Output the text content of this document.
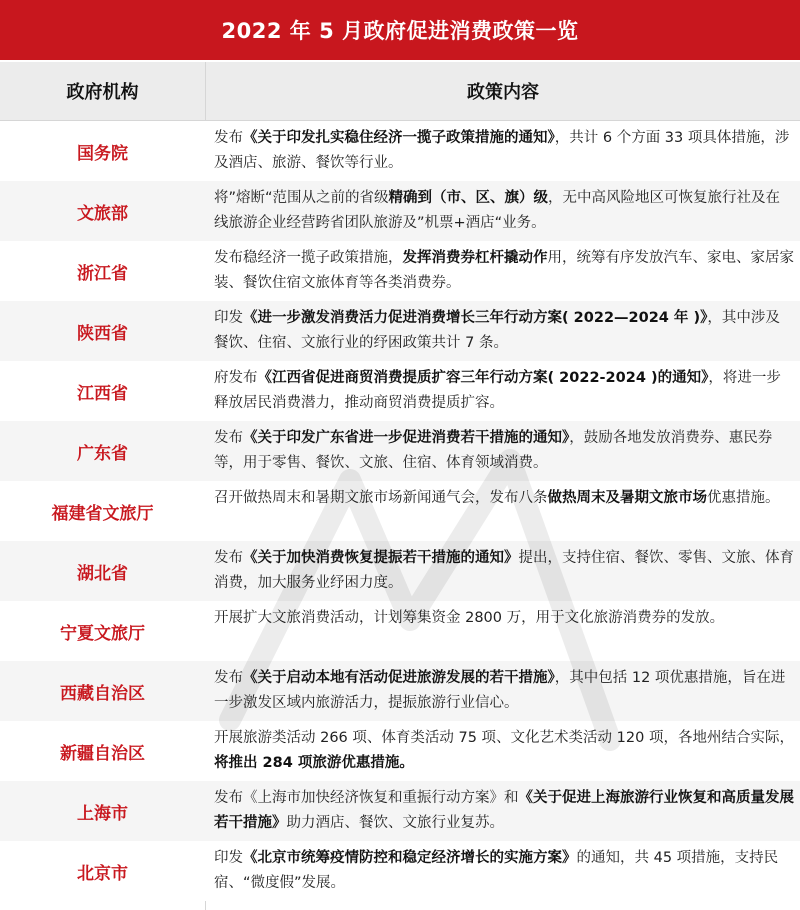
2022 年 5 月政府促进消费政策一览
政府机构	政策内容
国务院
发布《关于印发扎实稳住经济一揽子政策措施的通知》，共计 6 个方面 33 项具体措施，涉及酒店、旅游、餐饮等行业。
文旅部
将”熔断“范围从之前的省级精确到（市、区、旗）级，无中高风险地区可恢复旅行社及在线旅游企业经营跨省团队旅游及”机票+酒店“业务。
浙江省
发布稳经济一揽子政策措施，发挥消费券杠杆撬动作用，统筹有序发放汽车、家电、家居家装、餐饮住宿文旅体育等各类消费券。
陕西省
印发《进一步激发消费活力促进消费增长三年行动方案( 2022—2024 年 )》，其中涉及餐饮、住宿、文旅行业的纾困政策共计 7 条。
江西省
府发布《江西省促进商贸消费提质扩容三年行动方案( 2022-2024 )的通知》，将进一步释放居民消费潜力，推动商贸消费提质扩容。
广东省
发布《关于印发广东省进一步促进消费若干措施的通知》，鼓励各地发放消费券、惠民券等，用于零售、餐饮、文旅、住宿、体育领域消费。
福建省文旅厅
召开做热周末和暑期文旅市场新闻通气会，发布八条做热周末及暑期文旅市场优惠措施。
湖北省
发布《关于加快消费恢复提振若干措施的通知》提出，支持住宿、餐饮、零售、文旅、体育消费，加大服务业纾困力度。
宁夏文旅厅
开展扩大文旅消费活动，计划筹集资金 2800 万，用于文化旅游消费券的发放。
西藏自治区
发布《关于启动本地有活动促进旅游发展的若干措施》，其中包括 12 项优惠措施，旨在进一步激发区域内旅游活力，提振旅游行业信心。
新疆自治区
开展旅游类活动 266 项、体育类活动 75 项、文化艺术类活动 120 项，各地州结合实际，将推出 284 项旅游优惠措施。
上海市
发布《上海市加快经济恢复和重振行动方案》和《关于促进上海旅游行业恢复和高质量发展若干措施》助力酒店、餐饮、文旅行业复苏。
北京市
印发《北京市统筹疫情防控和稳定经济增长的实施方案》的通知，共 45 项措施，支持民宿、“微度假”发展。
